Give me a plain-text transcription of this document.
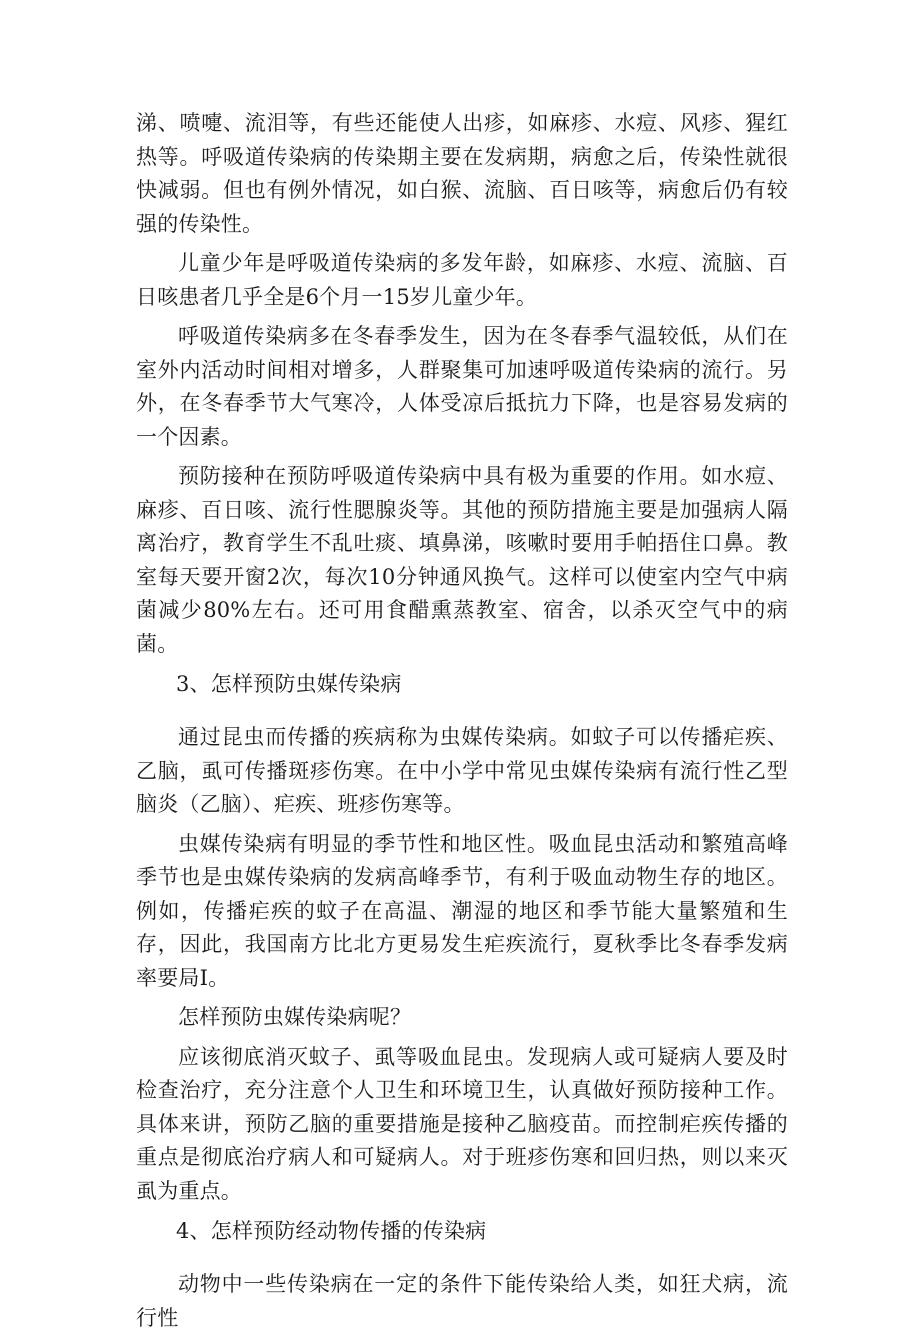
涕、喷嚏、流泪等，有些还能使人出疹，如麻疹、水痘、风疹、猩红热等。呼吸道传染病的传染期主要在发病期，病愈之后，传染性就很快减弱。但也有例外情况，如白猴、流脑、百日咳等，病愈后仍有较强的传染性。

儿童少年是呼吸道传染病的多发年龄，如麻疹、水痘、流脑、百日咳患者几乎全是6个月一15岁儿童少年。

呼吸道传染病多在冬春季发生，因为在冬春季气温较低，从们在室外内活动时间相对增多，人群聚集可加速呼吸道传染病的流行。另外，在冬春季节大气寒冷，人体受凉后抵抗力下降，也是容易发病的一个因素。

预防接种在预防呼吸道传染病中具有极为重要的作用。如水痘、麻疹、百日咳、流行性腮腺炎等。其他的预防措施主要是加强病人隔离治疗，教育学生不乱吐痰、填鼻涕，咳嗽时要用手帕捂住口鼻。教室每天要开窗2次，每次10分钟通风换气。这样可以使室内空气中病菌减少80%左右。还可用食醋熏蒸教室、宿舍，以杀灭空气中的病菌。

3、怎样预防虫媒传染病

通过昆虫而传播的疾病称为虫媒传染病。如蚊子可以传播疟疾、乙脑，虱可传播斑疹伤寒。在中小学中常见虫媒传染病有流行性乙型脑炎（乙脑）、疟疾、班疹伤寒等。

虫媒传染病有明显的季节性和地区性。吸血昆虫活动和繁殖高峰季节也是虫媒传染病的发病高峰季节，有利于吸血动物生存的地区。例如，传播疟疾的蚊子在高温、潮湿的地区和季节能大量繁殖和生存，因此，我国南方比北方更易发生疟疾流行，夏秋季比冬春季发病率要局I。

怎样预防虫媒传染病呢？

应该彻底消灭蚊子、虱等吸血昆虫。发现病人或可疑病人要及时检查治疗，充分注意个人卫生和环境卫生，认真做好预防接种工作。具体来讲，预防乙脑的重要措施是接种乙脑疫苗。而控制疟疾传播的重点是彻底治疗病人和可疑病人。对于班疹伤寒和回归热，则以来灭虱为重点。

4、怎样预防经动物传播的传染病

动物中一些传染病在一定的条件下能传染给人类，如狂犬病，流行性
